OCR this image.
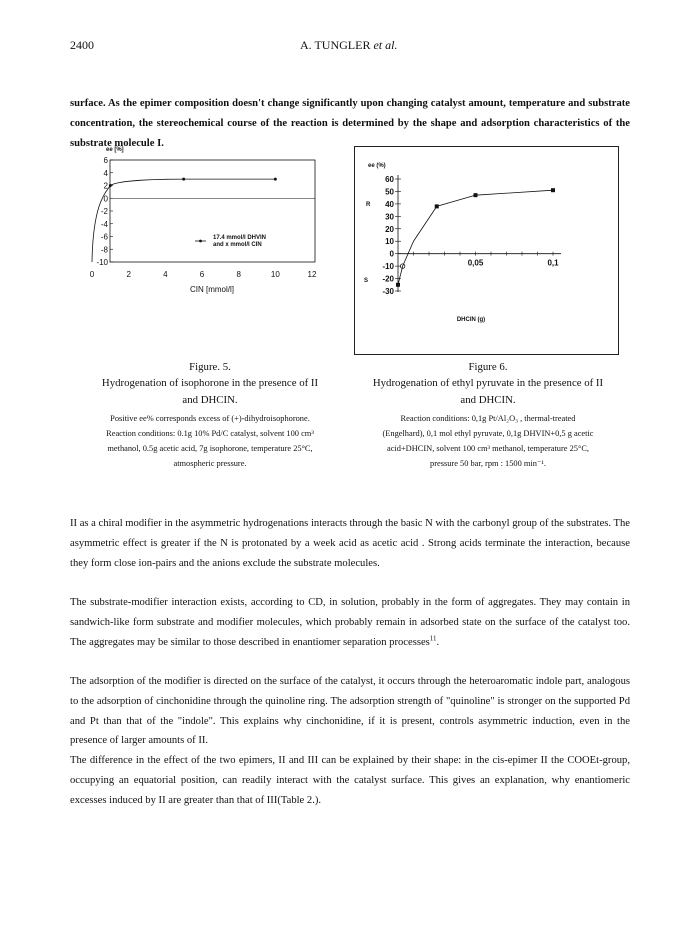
2400	A. TUNGLER et al.

surface. As the epimer composition doesn't change significantly upon changing catalyst amount, temperature and substrate concentration, the stereochemical course of the reaction is determined by the shape and adsorption characteristics of the substrate molecule I.

ee [%]
6
4
2
0
-2
-4
-6
-8
-10
0	2	4	6	8	10	12
17.4 mmol/l DHVIN
and x mmol/l CIN
CIN [mmol/l]
ee (%)
R
S
60
50
40
30
20
10
0
-10
-20
-30
0,05	0,1
DHCIN (g)
Figure. 5.
Hydrogenation of isophorone in the presence of II
and DHCIN.
Positive ee% corresponds excess of (+)-dihydroisophorone.
Reaction conditions: 0.1g 10% Pd/C catalyst, solvent 100 cm³
methanol, 0.5g acetic acid, 7g isophorone, temperature 25°C,
atmospheric pressure.
Figure 6.
Hydrogenation of ethyl pyruvate in the presence of II
and DHCIN.
Reaction conditions: 0,1g Pt/Al₂O₃ , thermal-treated
(Engelhard), 0,1 mol ethyl pyruvate, 0,1g DHVIN+0,5 g acetic
acid+DHCIN, solvent 100 cm³ methanol, temperature 25°C,
pressure 50 bar, rpm : 1500 min⁻¹.

II as a chiral modifier in the asymmetric hydrogenations interacts through the basic N with the carbonyl group of the substrates. The asymmetric effect is greater if the N is protonated by a week acid as acetic acid . Strong acids terminate the interaction, because they form close ion-pairs and the anions exclude the substrate molecules.

The substrate-modifier interaction exists, according to CD, in solution, probably in the form of aggregates. They may contain in sandwich-like form substrate and modifier molecules, which probably remain in adsorbed state on the surface of the catalyst too. The aggregates may be similar to those described in enantiomer separation processes$^{11}$.

The adsorption of the modifier is directed on the surface of the catalyst, it occurs through the heteroaromatic indole part, analogous to the adsorption of cinchonidine through the quinoline ring. The adsorption strength of "quinoline" is stronger on the supported Pd and Pt than that of the "indole". This explains why cinchonidine, if it is present, controls asymmetric induction, even in the presence of larger amounts of II.

The difference in the effect of the two epimers, II and III can be explained by their shape: in the cis-epimer II the COOEt-group, occupying an equatorial position, can readily interact with the catalyst surface. This gives an explanation, why enantiomeric excesses induced by II are greater than that of III(Table 2.).
